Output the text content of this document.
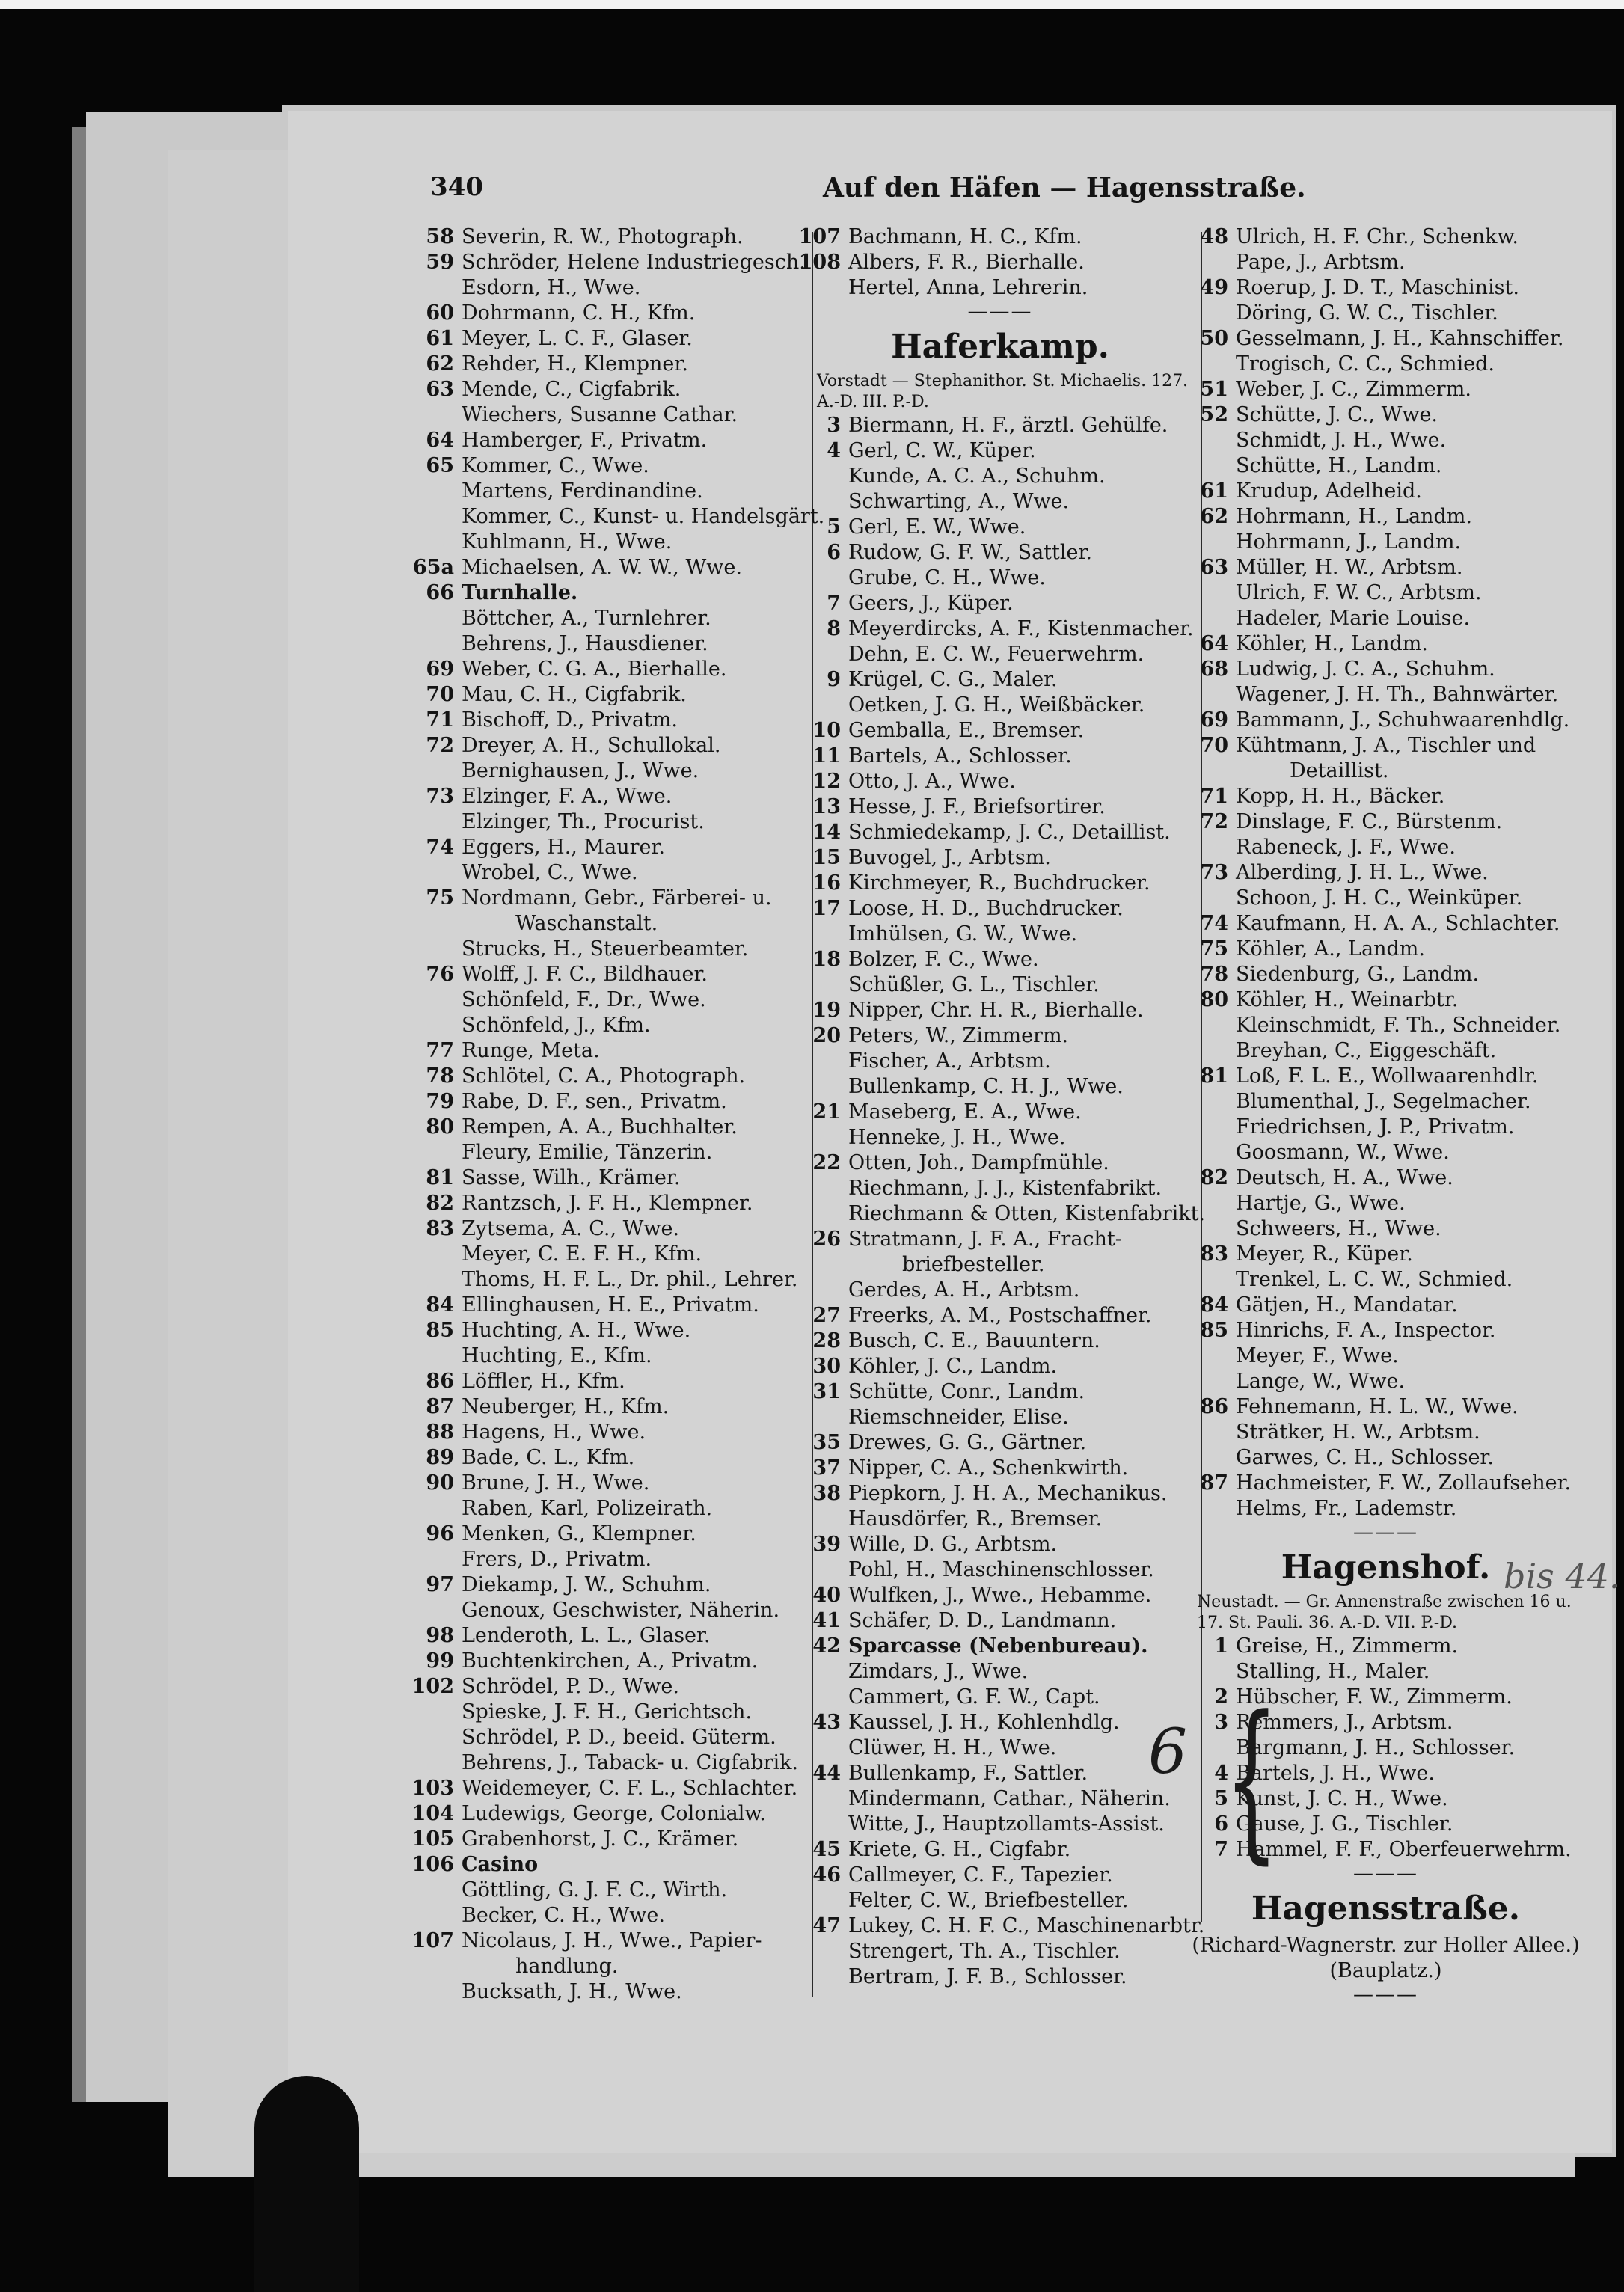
340	Auf den Häfen — Hagensstraße.
58 Severin, R. W., Photograph.
59 Schröder, Helene Industriegesch.
Esdorn, H., Wwe.
60 Dohrmann, C. H., Kfm.
61 Meyer, L. C. F., Glaser.
62 Rehder, H., Klempner.
63 Mende, C., Cigfabrik.
Wiechers, Susanne Cathar.
64 Hamberger, F., Privatm.
65 Kommer, C., Wwe.
Martens, Ferdinandine.
Kommer, C., Kunst- u. Handelsgärt.
Kuhlmann, H., Wwe.
65a Michaelsen, A. W. W., Wwe.
66 Turnhalle.
Böttcher, A., Turnlehrer.
Behrens, J., Hausdiener.
69 Weber, C. G. A., Bierhalle.
70 Mau, C. H., Cigfabrik.
71 Bischoff, D., Privatm.
72 Dreyer, A. H., Schullokal.
Bernighausen, J., Wwe.
73 Elzinger, F. A., Wwe.
Elzinger, Th., Procurist.
74 Eggers, H., Maurer.
Wrobel, C., Wwe.
75 Nordmann, Gebr., Färberei- u.
Waschanstalt.
Strucks, H., Steuerbeamter.
76 Wolff, J. F. C., Bildhauer.
Schönfeld, F., Dr., Wwe.
Schönfeld, J., Kfm.
77 Runge, Meta.
78 Schlötel, C. A., Photograph.
79 Rabe, D. F., sen., Privatm.
80 Rempen, A. A., Buchhalter.
Fleury, Emilie, Tänzerin.
81 Sasse, Wilh., Krämer.
82 Rantzsch, J. F. H., Klempner.
83 Zytsema, A. C., Wwe.
Meyer, C. E. F. H., Kfm.
Thoms, H. F. L., Dr. phil., Lehrer.
84 Ellinghausen, H. E., Privatm.
85 Huchting, A. H., Wwe.
Huchting, E., Kfm.
86 Löffler, H., Kfm.
87 Neuberger, H., Kfm.
88 Hagens, H., Wwe.
89 Bade, C. L., Kfm.
90 Brune, J. H., Wwe.
Raben, Karl, Polizeirath.
96 Menken, G., Klempner.
Frers, D., Privatm.
97 Diekamp, J. W., Schuhm.
Genoux, Geschwister, Näherin.
98 Lenderoth, L. L., Glaser.
99 Buchtenkirchen, A., Privatm.
102 Schrödel, P. D., Wwe.
Spieske, J. F. H., Gerichtsch.
Schrödel, P. D., beeid. Güterm.
Behrens, J., Taback- u. Cigfabrik.
103 Weidemeyer, C. F. L., Schlachter.
104 Ludewigs, George, Colonialw.
105 Grabenhorst, J. C., Krämer.
106 Casino
Göttling, G. J. F. C., Wirth.
Becker, C. H., Wwe.
107 Nicolaus, J. H., Wwe., Papier-
handlung.
Bucksath, J. H., Wwe.
107 Bachmann, H. C., Kfm.
108 Albers, F. R., Bierhalle.
Hertel, Anna, Lehrerin.
———
Haferkamp.
Vorstadt — Stephanithor. St. Michaelis. 127. A.-D. III. P.-D.
3 Biermann, H. F., ärztl. Gehülfe.
4 Gerl, C. W., Küper.
Kunde, A. C. A., Schuhm.
Schwarting, A., Wwe.
5 Gerl, E. W., Wwe.
6 Rudow, G. F. W., Sattler.
Grube, C. H., Wwe.
7 Geers, J., Küper.
8 Meyerdircks, A. F., Kistenmacher.
Dehn, E. C. W., Feuerwehrm.
9 Krügel, C. G., Maler.
Oetken, J. G. H., Weißbäcker.
10 Gemballa, E., Bremser.
11 Bartels, A., Schlosser.
12 Otto, J. A., Wwe.
13 Hesse, J. F., Briefsortirer.
14 Schmiedekamp, J. C., Detaillist.
15 Buvogel, J., Arbtsm.
16 Kirchmeyer, R., Buchdrucker.
17 Loose, H. D., Buchdrucker.
Imhülsen, G. W., Wwe.
18 Bolzer, F. C., Wwe.
Schüßler, G. L., Tischler.
19 Nipper, Chr. H. R., Bierhalle.
20 Peters, W., Zimmerm.
Fischer, A., Arbtsm.
Bullenkamp, C. H. J., Wwe.
21 Maseberg, E. A., Wwe.
Henneke, J. H., Wwe.
22 Otten, Joh., Dampfmühle.
Riechmann, J. J., Kistenfabrikt.
Riechmann & Otten, Kistenfabrikt.
26 Stratmann, J. F. A., Fracht-
briefbesteller.
Gerdes, A. H., Arbtsm.
27 Freerks, A. M., Postschaffner.
28 Busch, C. E., Bauuntern.
30 Köhler, J. C., Landm.
31 Schütte, Conr., Landm.
Riemschneider, Elise.
35 Drewes, G. G., Gärtner.
37 Nipper, C. A., Schenkwirth.
38 Piepkorn, J. H. A., Mechanikus.
Hausdörfer, R., Bremser.
39 Wille, D. G., Arbtsm.
Pohl, H., Maschinenschlosser.
40 Wulfken, J., Wwe., Hebamme.
41 Schäfer, D. D., Landmann.
42 Sparcasse (Nebenbureau).
Zimdars, J., Wwe.
Cammert, G. F. W., Capt.
43 Kaussel, J. H., Kohlenhdlg.
Clüwer, H. H., Wwe.
44 Bullenkamp, F., Sattler.
Mindermann, Cathar., Näherin.
Witte, J., Hauptzollamts-Assist.
45 Kriete, G. H., Cigfabr.
46 Callmeyer, C. F., Tapezier.
Felter, C. W., Briefbesteller.
47 Lukey, C. H. F. C., Maschinenarbtr.
Strengert, Th. A., Tischler.
Bertram, J. F. B., Schlosser.
48 Ulrich, H. F. Chr., Schenkw.
Pape, J., Arbtsm.
49 Roerup, J. D. T., Maschinist.
Döring, G. W. C., Tischler.
50 Gesselmann, J. H., Kahnschiffer.
Trogisch, C. C., Schmied.
51 Weber, J. C., Zimmerm.
52 Schütte, J. C., Wwe.
Schmidt, J. H., Wwe.
Schütte, H., Landm.
61 Krudup, Adelheid.
62 Hohrmann, H., Landm.
Hohrmann, J., Landm.
63 Müller, H. W., Arbtsm.
Ulrich, F. W. C., Arbtsm.
Hadeler, Marie Louise.
64 Köhler, H., Landm.
68 Ludwig, J. C. A., Schuhm.
Wagener, J. H. Th., Bahnwärter.
69 Bammann, J., Schuhwaarenhdlg.
70 Kühtmann, J. A., Tischler und
Detaillist.
71 Kopp, H. H., Bäcker.
72 Dinslage, F. C., Bürstenm.
Rabeneck, J. F., Wwe.
73 Alberding, J. H. L., Wwe.
Schoon, J. H. C., Weinküper.
74 Kaufmann, H. A. A., Schlachter.
75 Köhler, A., Landm.
78 Siedenburg, G., Landm.
80 Köhler, H., Weinarbtr.
Kleinschmidt, F. Th., Schneider.
Breyhan, C., Eiggeschäft.
81 Loß, F. L. E., Wollwaarenhdlr.
Blumenthal, J., Segelmacher.
Friedrichsen, J. P., Privatm.
Goosmann, W., Wwe.
82 Deutsch, H. A., Wwe.
Hartje, G., Wwe.
Schweers, H., Wwe.
83 Meyer, R., Küper.
Trenkel, L. C. W., Schmied.
84 Gätjen, H., Mandatar.
85 Hinrichs, F. A., Inspector.
Meyer, F., Wwe.
Lange, W., Wwe.
86 Fehnemann, H. L. W., Wwe.
Strätker, H. W., Arbtsm.
Garwes, C. H., Schlosser.
87 Hachmeister, F. W., Zollaufseher.
Helms, Fr., Lademstr.
———
Hagenshof.
Neustadt. — Gr. Annenstraße zwischen 16 u. 17. St. Pauli. 36. A.-D. VII. P.-D.
1 Greise, H., Zimmerm.
Stalling, H., Maler.
2 Hübscher, F. W., Zimmerm.
3 Remmers, J., Arbtsm.
Bargmann, J. H., Schlosser.
4 Bartels, J. H., Wwe.
5 Kunst, J. C. H., Wwe.
6 Gause, J. G., Tischler.
7 Hammel, F. F., Oberfeuerwehrm.
———
Hagensstraße.
(Richard-Wagnerstr. zur Holler Allee.)
(Bauplatz.)
———
bis 44.
{
6
